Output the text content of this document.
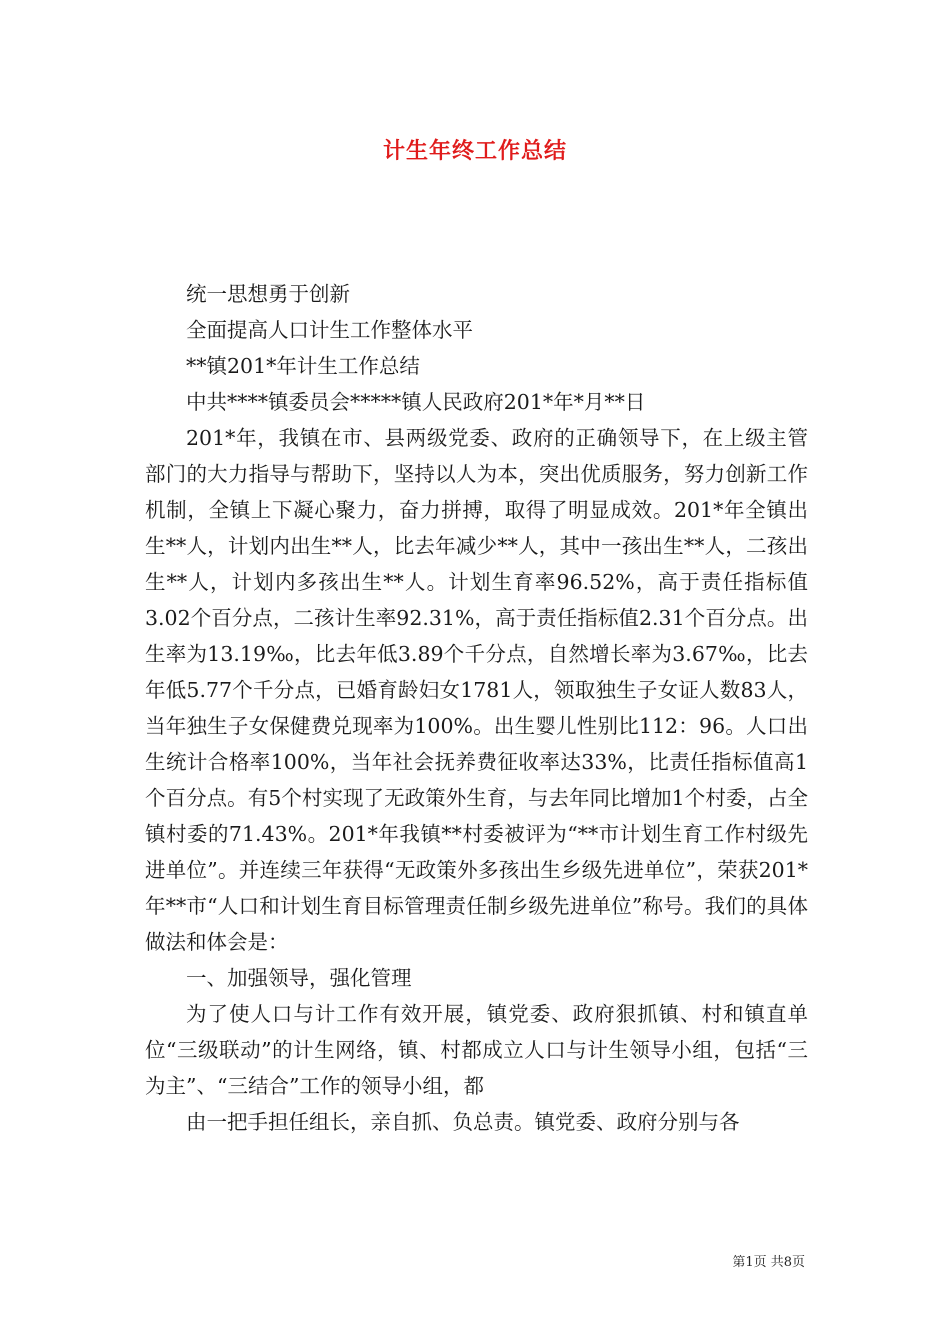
计生年终工作总结

统一思想勇于创新

全面提高人口计生工作整体水平

**镇201*年计生工作总结

中共****镇委员会*****镇人民政府201*年*月**日

201*年，我镇在市、县两级党委、政府的正确领导下，在上级主管部门的大力指导与帮助下，坚持以人为本，突出优质服务，努力创新工作机制，全镇上下凝心聚力，奋力拼搏，取得了明显成效。201*年全镇出生**人，计划内出生**人，比去年减少**人，其中一孩出生**人，二孩出生**人，计划内多孩出生**人。计划生育率96.52%，高于责任指标值3.02个百分点，二孩计生率92.31%，高于责任指标值2.31个百分点。出生率为13.19‰，比去年低3.89个千分点，自然增长率为3.67‰，比去年低5.77个千分点，已婚育龄妇女1781人，领取独生子女证人数83人，当年独生子女保健费兑现率为100%。出生婴儿性别比112：96。人口出生统计合格率100%，当年社会抚养费征收率达33%，比责任指标值高1个百分点。有5个村实现了无政策外生育，与去年同比增加1个村委，占全镇村委的71.43%。201*年我镇**村委被评为“**市计划生育工作村级先进单位”。并连续三年获得“无政策外多孩出生乡级先进单位”，荣获201*年**市“人口和计划生育目标管理责任制乡级先进单位”称号。我们的具体做法和体会是：

一、加强领导，强化管理

为了使人口与计工作有效开展，镇党委、政府狠抓镇、村和镇直单位“三级联动”的计生网络，镇、村都成立人口与计生领导小组，包括“三为主”、“三结合”工作的领导小组，都

由一把手担任组长，亲自抓、负总责。镇党委、政府分别与各

第1页 共8页
